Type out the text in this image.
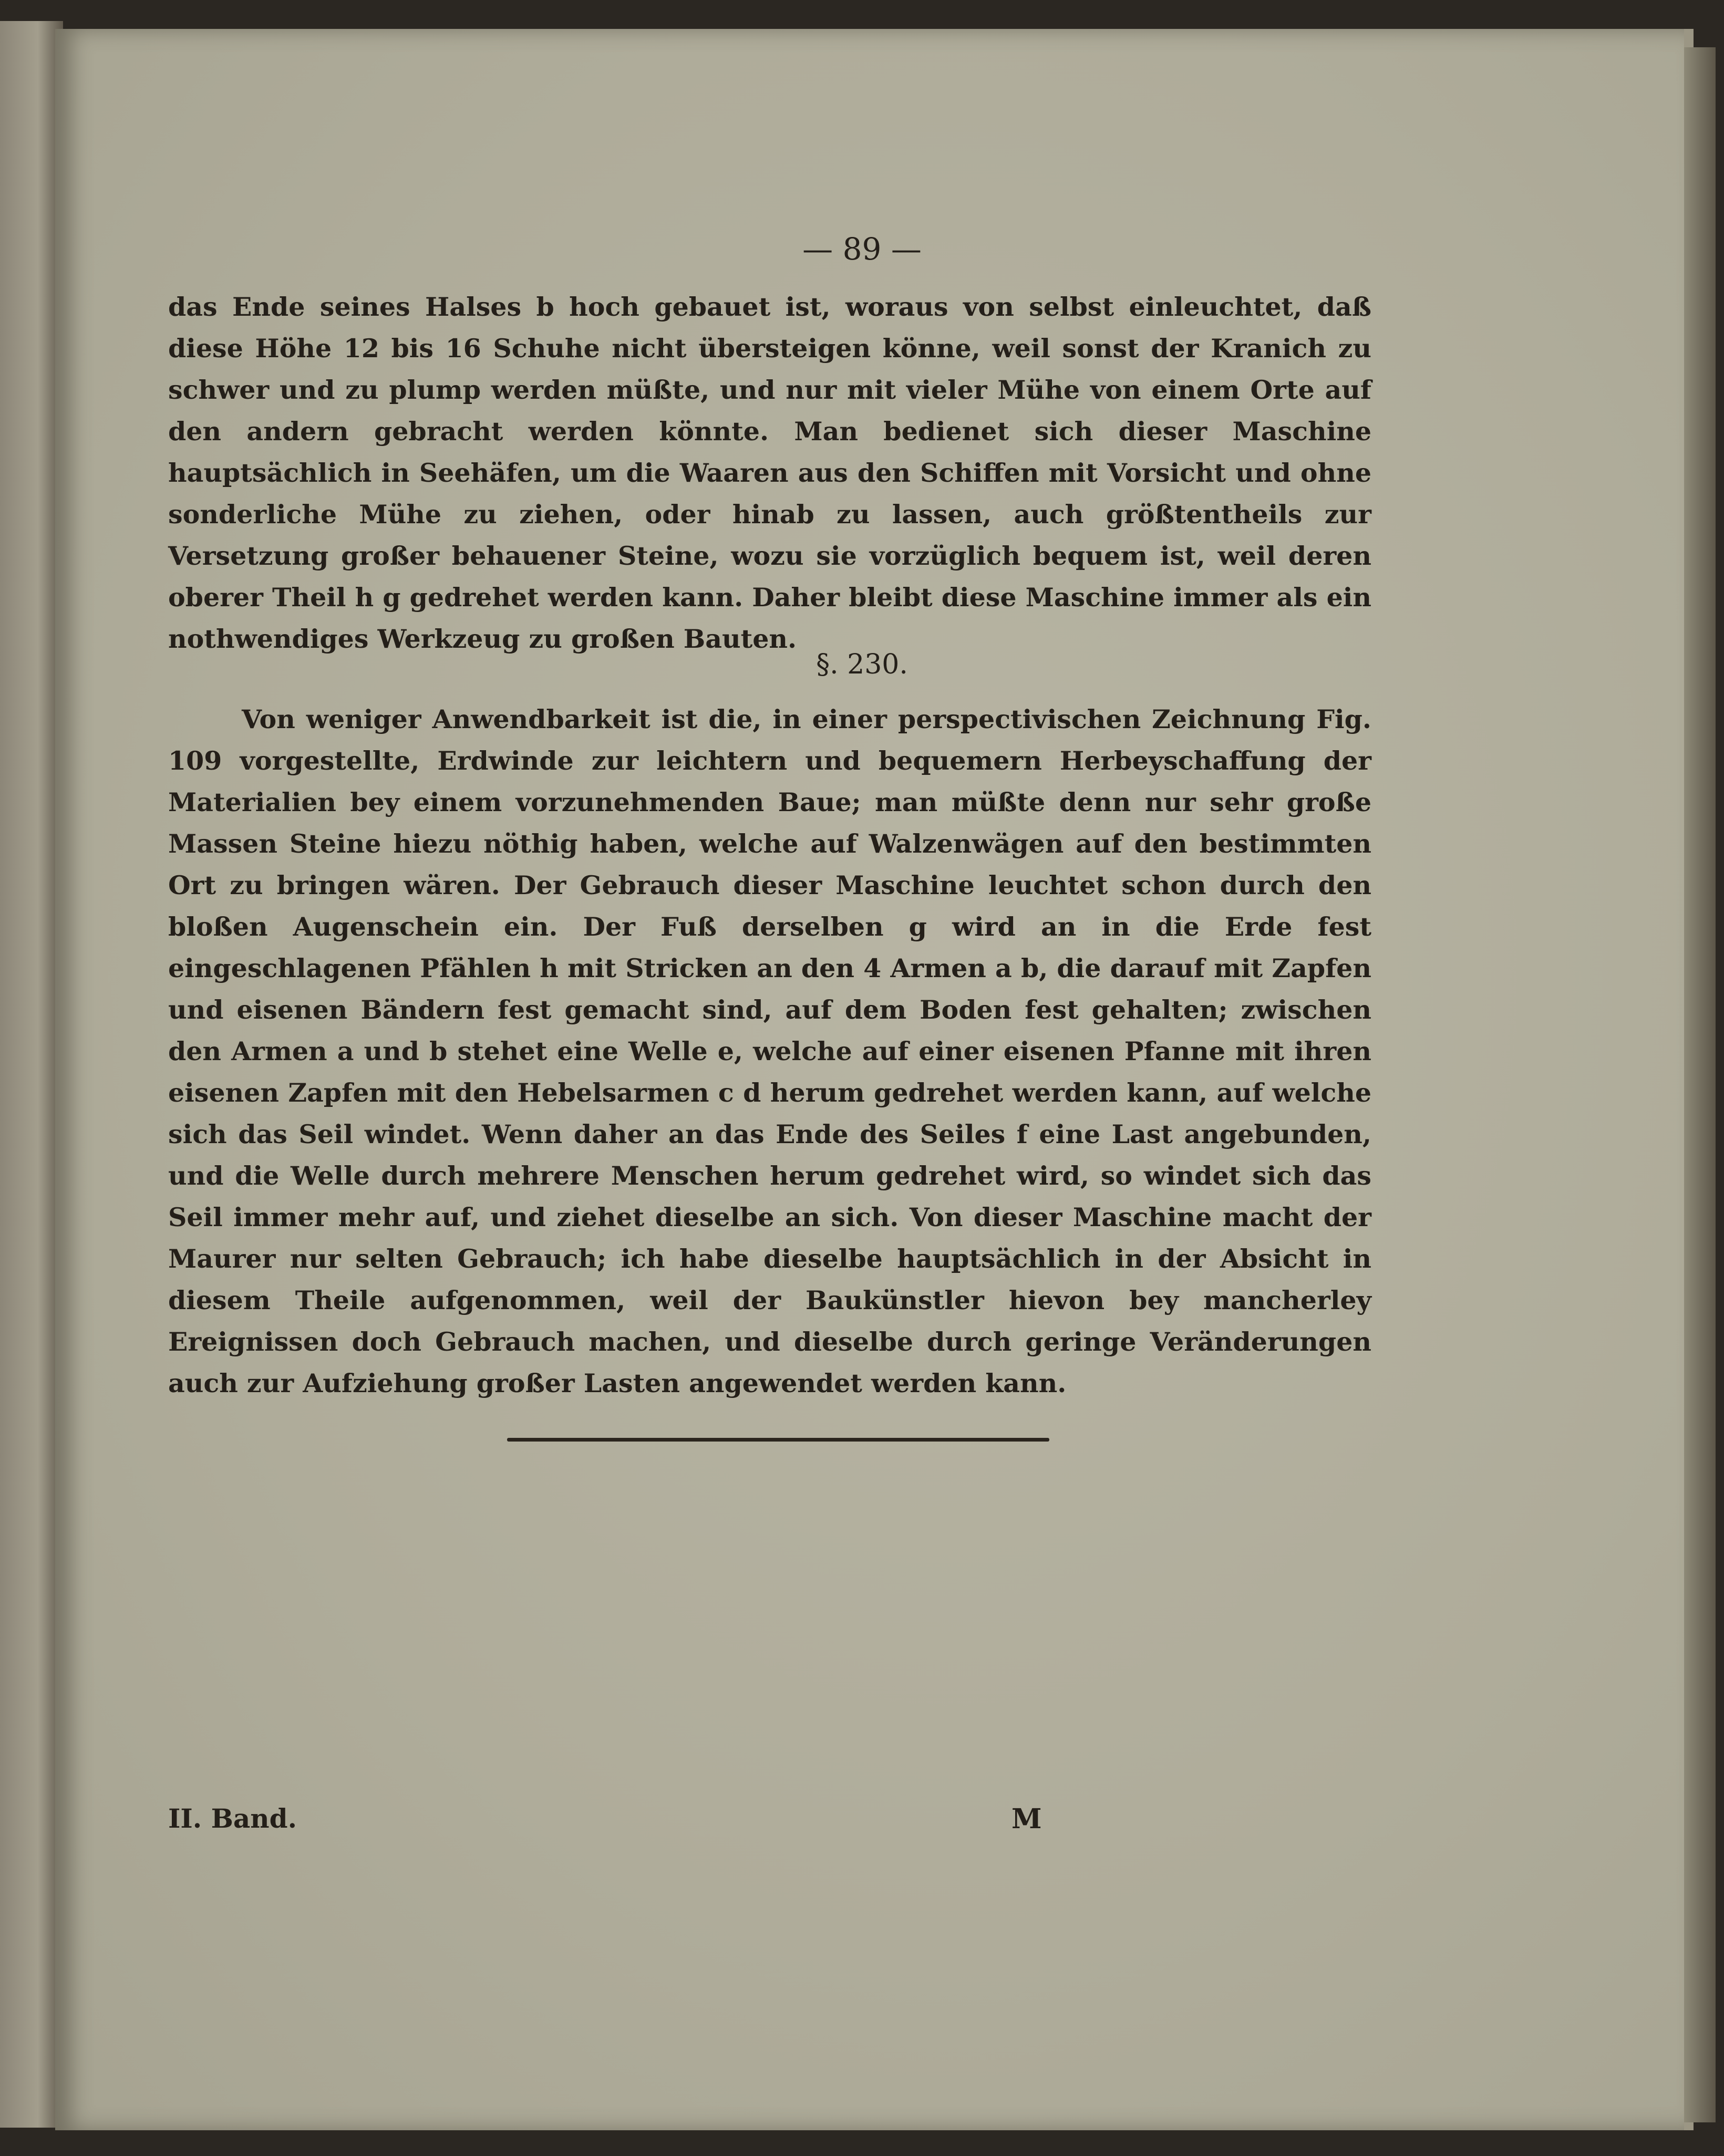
— 89 —

das Ende seines Halses b hoch gebauet ist, woraus von selbst einleuchtet, daß diese Höhe 12 bis 16 Schuhe nicht übersteigen könne, weil sonst der Kranich zu schwer und zu plump werden müßte, und nur mit vieler Mühe von einem Orte auf den andern gebracht werden könnte. Man bedienet sich dieser Maschine hauptsächlich in Seehäfen, um die Waaren aus den Schiffen mit Vorsicht und ohne sonderliche Mühe zu ziehen, oder hinab zu lassen, auch größtentheils zur Versetzung großer behauener Steine, wozu sie vorzüglich bequem ist, weil deren oberer Theil h g gedrehet werden kann. Daher bleibt diese Maschine immer als ein nothwendiges Werkzeug zu großen Bauten.

§. 230.

Von weniger Anwendbarkeit ist die, in einer perspectivischen Zeichnung Fig. 109 vorgestellte, Erdwinde zur leichtern und bequemern Herbeyschaffung der Materialien bey einem vorzunehmenden Baue; man müßte denn nur sehr große Massen Steine hiezu nöthig haben, welche auf Walzenwägen auf den bestimmten Ort zu bringen wären. Der Gebrauch dieser Maschine leuchtet schon durch den bloßen Augenschein ein. Der Fuß derselben g wird an in die Erde fest eingeschlagenen Pfählen h mit Stricken an den 4 Armen a b, die darauf mit Zapfen und eisenen Bändern fest gemacht sind, auf dem Boden fest gehalten; zwischen den Armen a und b stehet eine Welle e, welche auf einer eisenen Pfanne mit ihren eisenen Zapfen mit den Hebelsarmen c d herum gedrehet werden kann, auf welche sich das Seil windet. Wenn daher an das Ende des Seiles f eine Last angebunden, und die Welle durch mehrere Menschen herum gedrehet wird, so windet sich das Seil immer mehr auf, und ziehet dieselbe an sich. Von dieser Maschine macht der Maurer nur selten Gebrauch; ich habe dieselbe hauptsächlich in der Absicht in diesem Theile aufgenommen, weil der Baukünstler hievon bey mancherley Ereignissen doch Gebrauch machen, und dieselbe durch geringe Veränderungen auch zur Aufziehung großer Lasten angewendet werden kann.

II. Band.	M
